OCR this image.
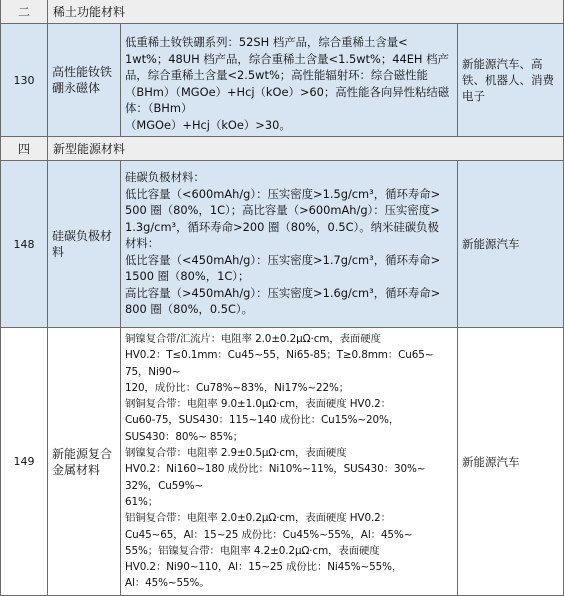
二	稀土功能材料
130
高性能钕铁硼永磁体
低重稀土钕铁硼系列：52SH 档产品，综合重稀土含量<
1wt%；48UH 档产品，综合重稀土含量<1.5wt%；44EH 档产
品，综合重稀土含量<2.5wt%；高性能辐射环：综合磁性能
（BHm）（MGOe）+Hcj（kOe）>60；高性能各向异性粘结磁
体：（BHm）
（MGOe）+Hcj（kOe）>30。
新能源汽车、高铁、机器人、消费电子
四	新型能源材料
148
硅碳负极材料
硅碳负极材料：
低比容量（<600mAh/g）：压实密度>1.5g/cm³，循环寿命>
500 圈（80%，1C）；高比容量（>600mAh/g）：压实密度>
1.3g/cm³，循环寿命>200 圈（80%，0.5C）。纳米硅碳负极
材料：
低比容量（<450mAh/g）：压实密度>1.7g/cm³，循环寿命>
1500 圈（80%，1C）；
高比容量（>450mAh/g）：压实密度>1.6g/cm³，循环寿命>
800 圈（80%，0.5C）。
新能源汽车
149
新能源复合金属材料
铜镍复合带/汇流片：电阻率 2.0±0.2μΩ·cm，表面硬度
HV0.2：T≤0.1mm：Cu45~55，Ni65-85；T≥0.8mm：Cu65~
75，Ni90~
120，成份比：Cu78%~83%，Ni17%~22%；
钢铜复合带：电阻率 9.0±1.0μΩ·cm，表面硬度 HV0.2：
Cu60-75，SUS430：115~140 成份比：Cu15%~20%，
SUS430：80%~ 85%；
钢镍复合带：电阻率 2.9±0.5μΩ·cm，表面硬度
HV0.2：Ni160~180 成份比：Ni10%~11%，SUS430：30%~
32%，Cu59%~
61%；
铝铜复合带：电阻率 2.0±0.2μΩ·cm，表面硬度 HV0.2：
Cu45~65，Al：15~25 成份比：Cu45%~55%，Al：45%~
55%；铝镍复合带：电阻率 4.2±0.2μΩ·cm，表面硬度
HV0.2：Ni90~110，Al：15~25 成份比：Ni45%~55%，
Al：45%~55%。
新能源汽车
